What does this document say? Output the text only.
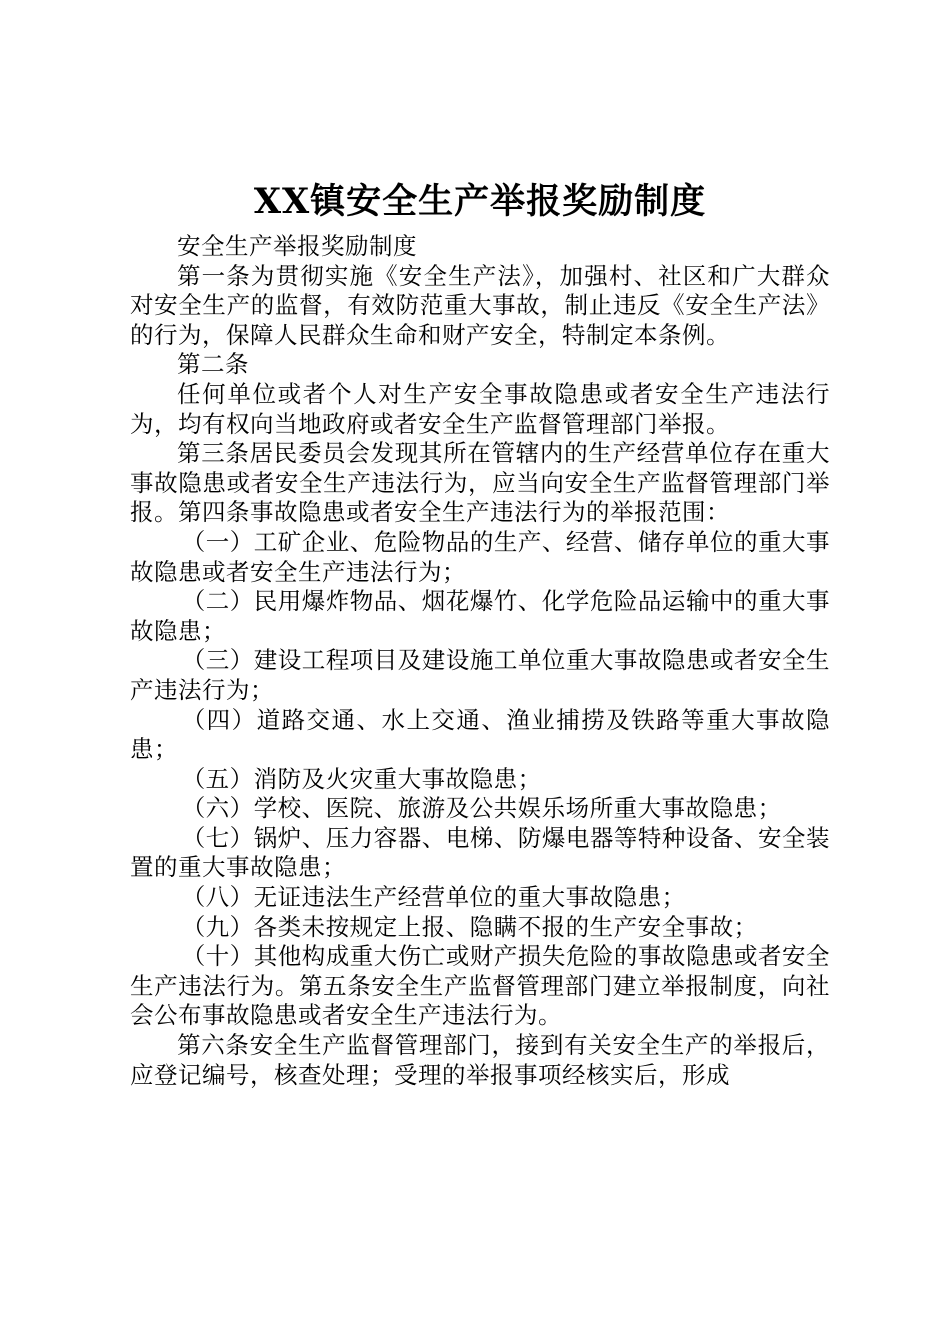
XX镇安全生产举报奖励制度

安全生产举报奖励制度

第一条为贯彻实施《安全生产法》，加强村、社区和广大群众对安全生产的监督，有效防范重大事故，制止违反《安全生产法》的行为，保障人民群众生命和财产安全，特制定本条例。

第二条

任何单位或者个人对生产安全事故隐患或者安全生产违法行为，均有权向当地政府或者安全生产监督管理部门举报。

第三条居民委员会发现其所在管辖内的生产经营单位存在重大事故隐患或者安全生产违法行为，应当向安全生产监督管理部门举报。第四条事故隐患或者安全生产违法行为的举报范围：

（一）工矿企业、危险物品的生产、经营、储存单位的重大事故隐患或者安全生产违法行为；

（二）民用爆炸物品、烟花爆竹、化学危险品运输中的重大事故隐患；

（三）建设工程项目及建设施工单位重大事故隐患或者安全生产违法行为；

（四）道路交通、水上交通、渔业捕捞及铁路等重大事故隐患；

（五）消防及火灾重大事故隐患；

（六）学校、医院、旅游及公共娱乐场所重大事故隐患；

（七）锅炉、压力容器、电梯、防爆电器等特种设备、安全装置的重大事故隐患；

（八）无证违法生产经营单位的重大事故隐患；

（九）各类未按规定上报、隐瞒不报的生产安全事故；

（十）其他构成重大伤亡或财产损失危险的事故隐患或者安全生产违法行为。第五条安全生产监督管理部门建立举报制度，向社会公布事故隐患或者安全生产违法行为。

第六条安全生产监督管理部门，接到有关安全生产的举报后，应登记编号，核查处理；受理的举报事项经核实后，形成
